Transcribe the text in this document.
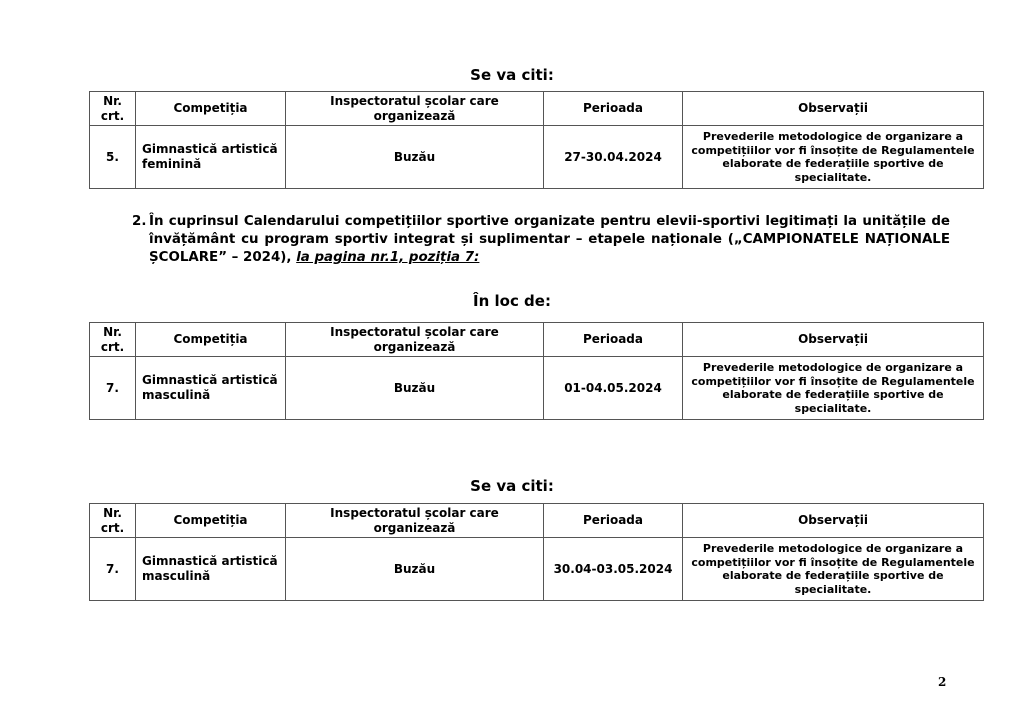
Se va citi:
Nr. crt.	Competiția	Inspectoratul școlar care organizează	Perioada	Observații
5.	Gimnastică artistică feminină	Buzău	27-30.04.2024	Prevederile metodologice de organizare a competițiilor vor fi însoțite de Regulamentele elaborate de federațiile sportive de specialitate.
2. În cuprinsul Calendarului competițiilor sportive organizate pentru elevii-sportivi legitimați la unitățile de învățământ cu program sportiv integrat și suplimentar – etapele naționale („CAMPIONATELE NAȚIONALE ȘCOLARE” – 2024), la pagina nr.1, poziția 7:
În loc de:
Nr. crt.	Competiția	Inspectoratul școlar care organizează	Perioada	Observații
7.	Gimnastică artistică masculină	Buzău	01-04.05.2024	Prevederile metodologice de organizare a competițiilor vor fi însoțite de Regulamentele elaborate de federațiile sportive de specialitate.
Se va citi:
Nr. crt.	Competiția	Inspectoratul școlar care organizează	Perioada	Observații
7.	Gimnastică artistică masculină	Buzău	30.04-03.05.2024	Prevederile metodologice de organizare a competițiilor vor fi însoțite de Regulamentele elaborate de federațiile sportive de specialitate.
2
